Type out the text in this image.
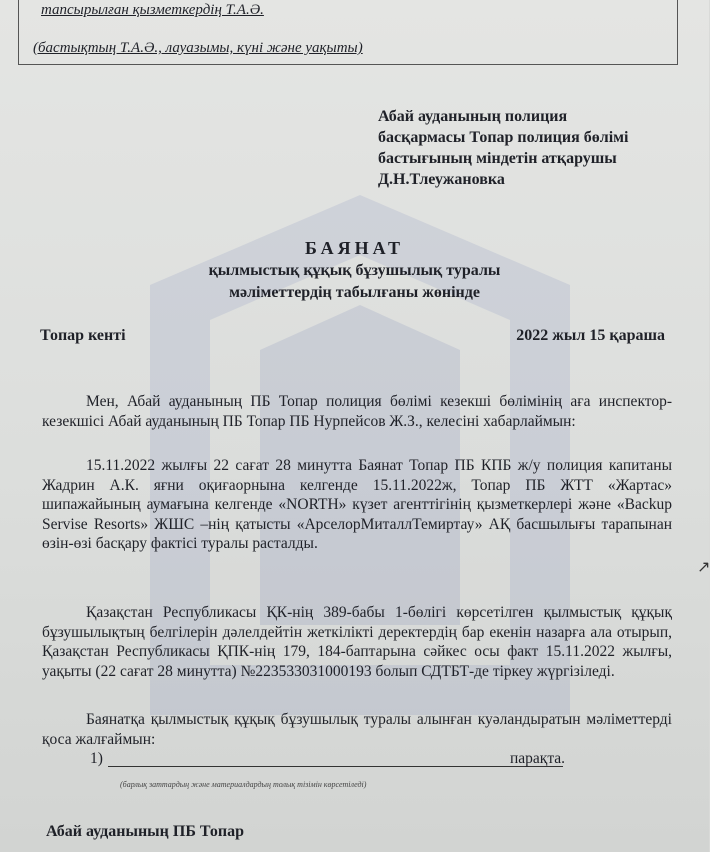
тапсырылған қызметкердің Т.А.Ә.
(бастықтың Т.А.Ә., лауазымы, күні және уақыты)
Абай ауданының полиция
басқармасы Топар полиция бөлімі
бастығының міндетін атқарушы
Д.Н.Тлеужановка
БАЯНАТ
қылмыстық құқық бұзушылық туралы
мәліметтердің табылғаны жөнінде
Топар кенті	2022 жыл 15 қараша
Мен, Абай ауданының ПБ Топар полиция бөлімі кезекші бөлімінің аға инспектор-кезекшісі Абай ауданының ПБ Топар ПБ Нурпейсов Ж.З., келесіні хабарлаймын:
15.11.2022 жылғы 22 сағат 28 минутта Баянат Топар ПБ КПБ ж/у полиция капитаны Жадрин А.К. яғни оқиғаорнына келгенде 15.11.2022ж, Топар ПБ ЖТТ «Жартас» шипажайының аумағына келгенде «NORTH» күзет агенттігінің қызметкерлері және «Backup Servise Resorts» ЖШС –нің қатысты «АрселорМиталлТемиртау» АҚ басшылығы тарапынан өзін-өзі басқару фактісі туралы расталды.
Қазақстан Республикасы ҚК-нің 389-бабы 1-бөлігі көрсетілген қылмыстық құқық бұзушылықтың белгілерін дәлелдейтін жеткілікті деректердің бар екенін назарға ала отырып, Қазақстан Республикасы ҚПК-нің 179, 184-баптарына сәйкес осы факт 15.11.2022 жылғы, уақыты (22 сағат 28 минутта) №223533031000193 болып СДТБТ-де тіркеу жүргізіледі.
Баянатқа қылмыстық құқық бұзушылық туралы алынған куәландыратын мәліметтерді қоса жалғаймын:
1)	парақта.
(барлық заттардың және материалдардың толық тізімін көрсетіледі)
Абай ауданының ПБ Топар
↗
